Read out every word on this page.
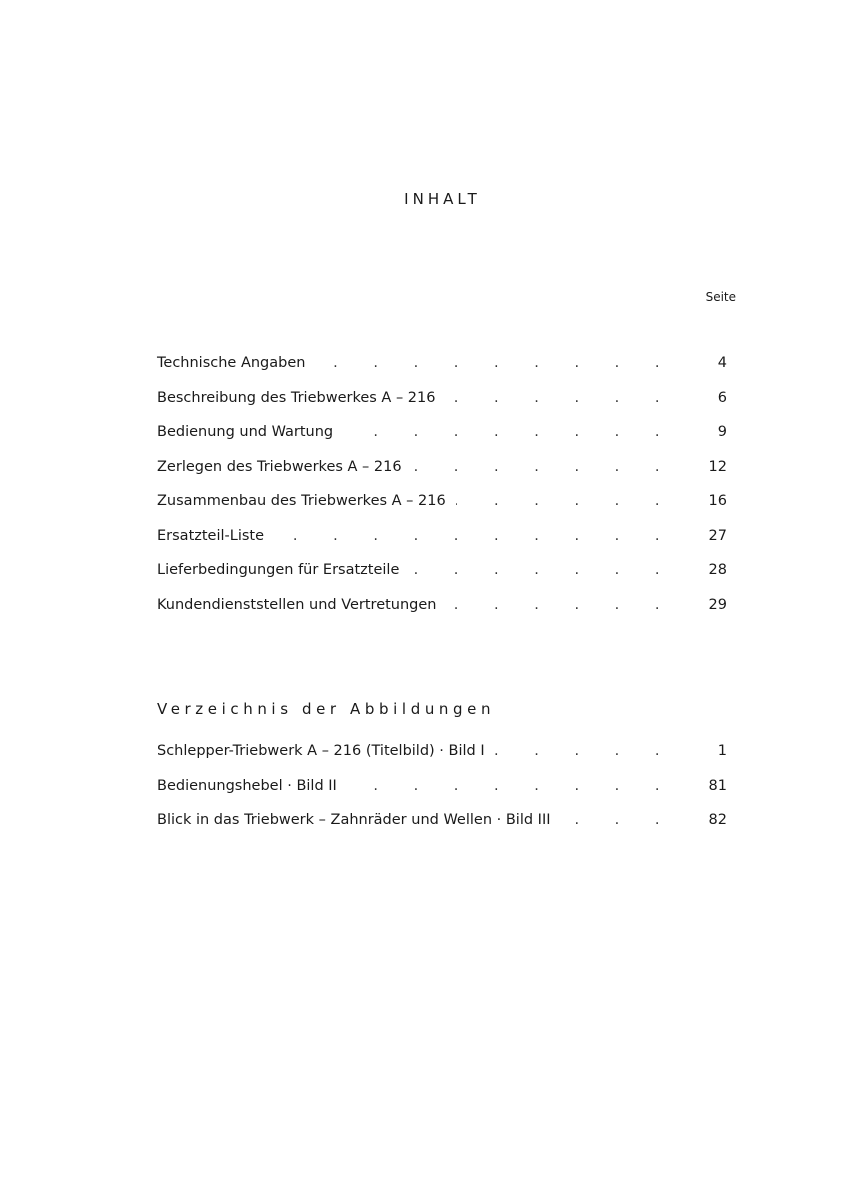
INHALT
Seite
Technische Angaben . . .	4
Beschreibung des Triebwerkes A – 216 . . .	6
Bedienung und Wartung . . .	9
Zerlegen des Triebwerkes A – 216 . . .	12
Zusammenbau des Triebwerkes A – 216 . . .	16
Ersatzteil-Liste . . .	27
Lieferbedingungen für Ersatzteile . . .	28
Kundendienststellen und Vertretungen . . .	29
Verzeichnis der Abbildungen
Schlepper-Triebwerk A – 216 (Titelbild) · Bild I . . .	1
Bedienungshebel · Bild II . . .	81
Blick in das Triebwerk – Zahnräder und Wellen · Bild III . . .	82
